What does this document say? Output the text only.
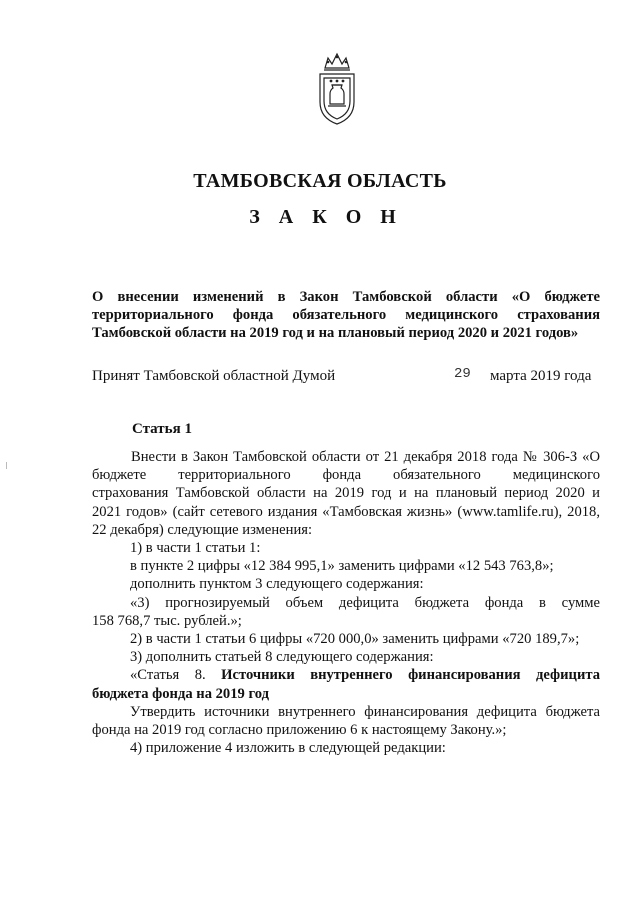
ТАМБОВСКАЯ ОБЛАСТЬ
З А К О Н
О внесении изменений в Закон Тамбовской области «О бюджете
территориального фонда обязательного медицинского страхования
Тамбовской области на 2019 год и на плановый период 2020 и 2021 годов»
Принят Тамбовской областной Думой	29 марта 2019 года
Статья 1
Внести в Закон Тамбовской области от 21 декабря 2018 года № 306-З «О
бюджете территориального фонда обязательного медицинского
страхования Тамбовской области на 2019 год и на плановый период 2020 и
2021 годов» (сайт сетевого издания «Тамбовская жизнь» (www.tamlife.ru), 2018,
22 декабря) следующие изменения:
1) в части 1 статьи 1:
в пункте 2 цифры «12 384 995,1» заменить цифрами «12 543 763,8»;
дополнить пунктом 3 следующего содержания:
«3) прогнозируемый объем дефицита бюджета фонда в сумме
158 768,7 тыс. рублей.»;
2) в части 1 статьи 6 цифры «720 000,0» заменить цифрами «720 189,7»;
3) дополнить статьей 8 следующего содержания:
«Статья 8. Источники внутреннего финансирования дефицита
бюджета фонда на 2019 год
Утвердить источники внутреннего финансирования дефицита бюджета
фонда на 2019 год согласно приложению 6 к настоящему Закону.»;
4) приложение 4 изложить в следующей редакции:
